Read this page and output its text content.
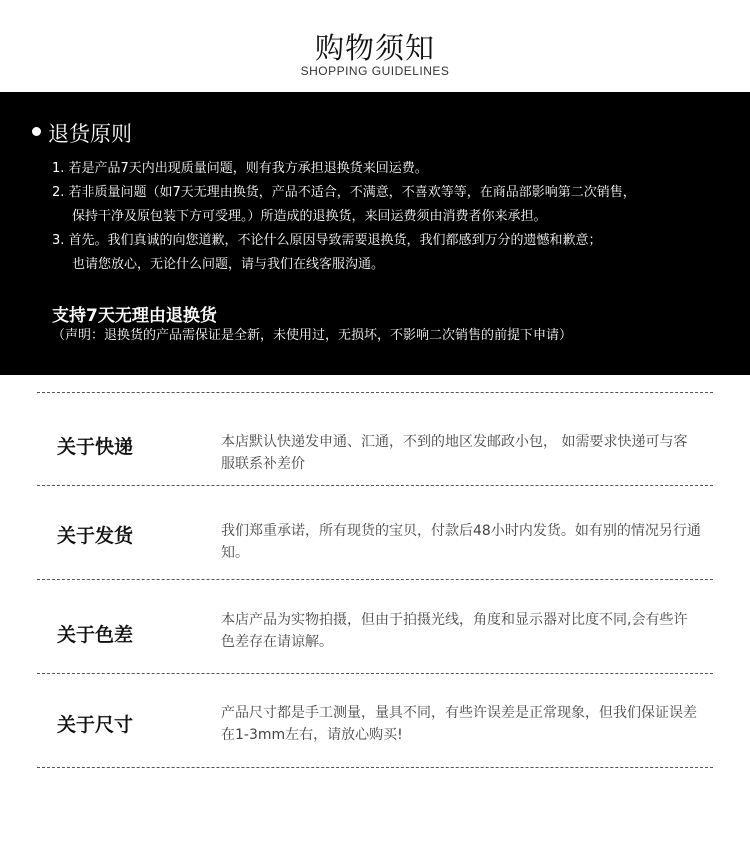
购物须知
SHOPPING GUIDELINES
退货原则
1. 若是产品7天内出现质量问题，则有我方承担退换货来回运费。
2. 若非质量问题（如7天无理由换货，产品不适合，不满意，不喜欢等等，在商品部影响第二次销售，
保持干净及原包装下方可受理。）所造成的退换货，来回运费须由消费者你来承担。
3. 首先。我们真诚的向您道歉，不论什么原因导致需要退换货，我们都感到万分的遗憾和歉意；
也请您放心，无论什么问题，请与我们在线客服沟通。
支持7天无理由退换货
（声明：退换货的产品需保证是全新，未使用过，无损坏，不影响二次销售的前提下申请）
关于快递	本店默认快递发申通、汇通，不到的地区发邮政小包， 如需要求快递可与客服联系补差价
关于发货	我们郑重承诺，所有现货的宝贝，付款后48小时内发货。如有别的情况另行通知。
关于色差
本店产品为实物拍摄，但由于拍摄光线，角度和显示器对比度不同,会有些许色差存在请谅解。
关于尺寸
产品尺寸都是手工测量，量具不同，有些许误差是正常现象，但我们保证误差在1-3mm左右，请放心购买!
